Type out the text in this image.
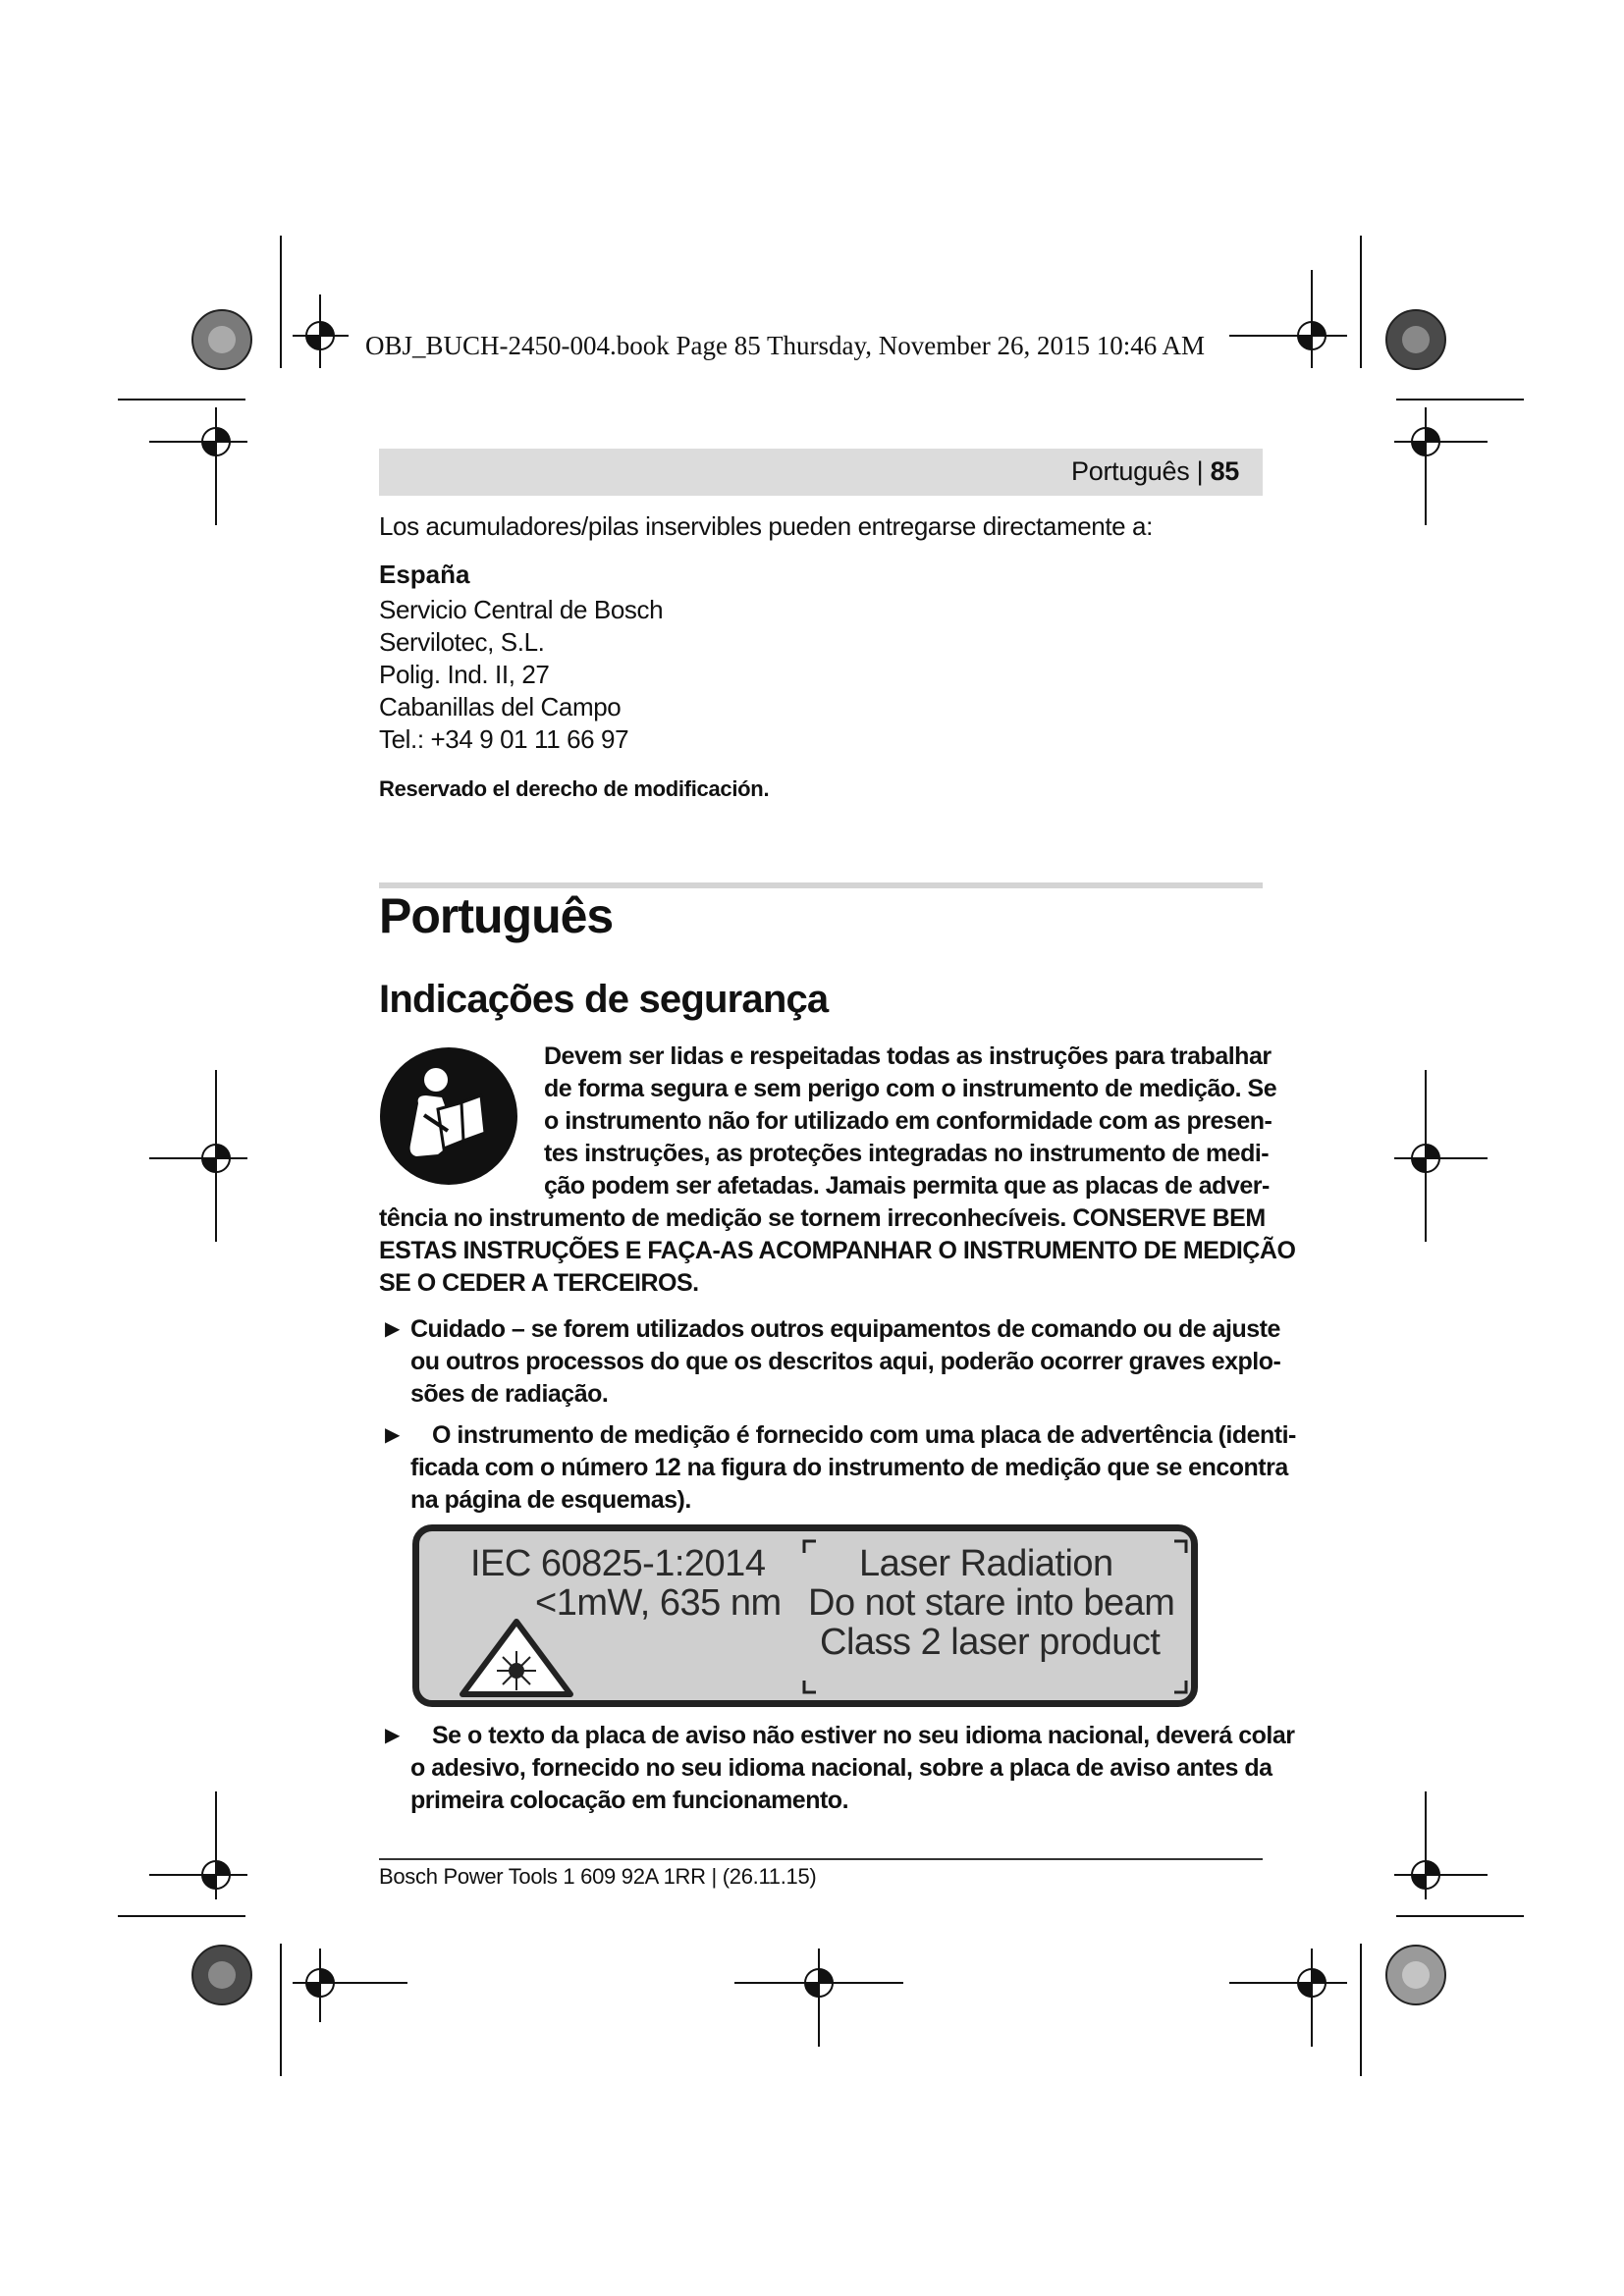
OBJ_BUCH-2450-004.book Page 85 Thursday, November 26, 2015 10:46 AM
Português | 85
Los acumuladores/pilas inservibles pueden entregarse directamente a:
España
Servicio Central de Bosch
Servilotec, S.L.
Polig. Ind. II, 27
Cabanillas del Campo
Tel.: +34 9 01 11 66 97
Reservado el derecho de modificación.
Português
Indicações de segurança
Devem ser lidas e respeitadas todas as instruções para trabalhar
de forma segura e sem perigo com o instrumento de medição. Se
o instrumento não for utilizado em conformidade com as presen-
tes instruções, as proteções integradas no instrumento de medi-
ção podem ser afetadas. Jamais permita que as placas de adver-
tência no instrumento de medição se tornem irreconhecíveis. CONSERVE BEM
ESTAS INSTRUÇÕES E FAÇA-AS ACOMPANHAR O INSTRUMENTO DE MEDIÇÃO
SE O CEDER A TERCEIROS.
▶ Cuidado – se forem utilizados outros equipamentos de comando ou de ajuste
ou outros processos do que os descritos aqui, poderão ocorrer graves explo-
sões de radiação.
▶	O instrumento de medição é fornecido com uma placa de advertência (identi-
ficada com o número 12 na figura do instrumento de medição que se encontra
na página de esquemas).
IEC 60825-1:2014
<1mW, 635 nm
Laser Radiation
Do not stare into beam
Class 2 laser product
▶	Se o texto da placa de aviso não estiver no seu idioma nacional, deverá colar
o adesivo, fornecido no seu idioma nacional, sobre a placa de aviso antes da
primeira colocação em funcionamento.
Bosch Power Tools 1 609 92A 1RR | (26.11.15)
